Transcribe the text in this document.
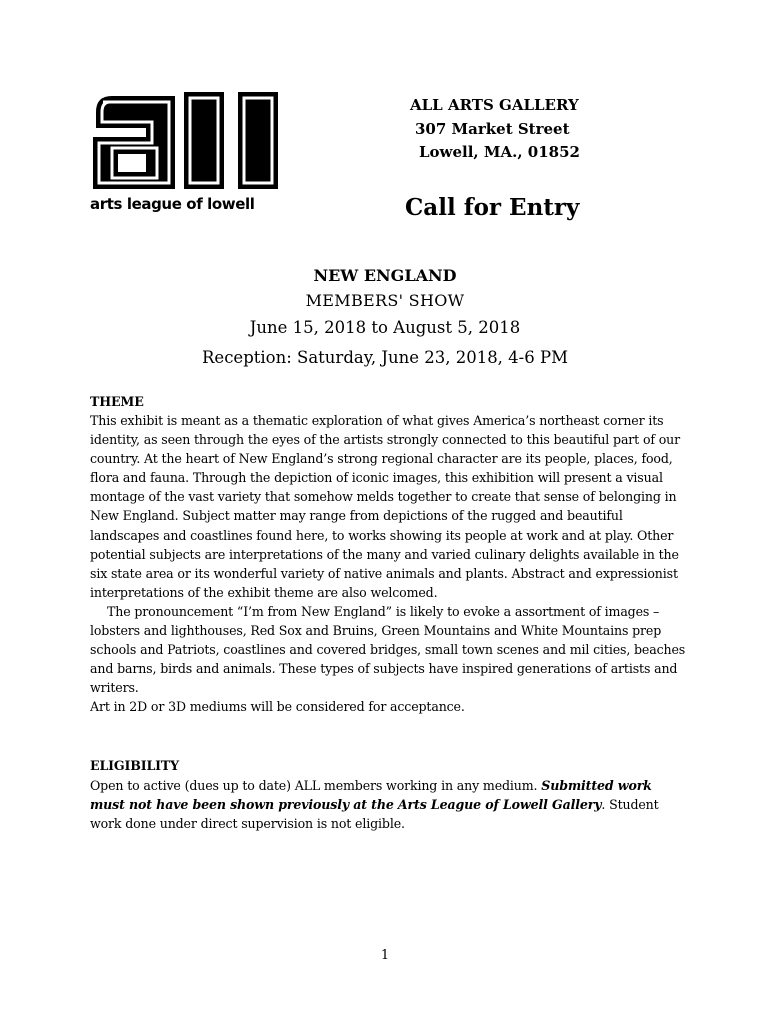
arts league of lowell
ALL ARTS GALLERY
307 Market Street
Lowell, MA., 01852
Call for Entry
NEW ENGLAND
MEMBERS' SHOW
June 15, 2018 to August 5, 2018
Reception: Saturday, June 23, 2018, 4-6 PM
THEME

This exhibit is meant as a thematic exploration of what gives America’s northeast corner its identity, as seen through the eyes of the artists strongly connected to this beautiful part of our country. At the heart of New England’s strong regional character are its people, places, food, flora and fauna. Through the depiction of iconic images, this exhibition will present a visual montage of the vast variety that somehow melds together to create that sense of belonging in New England. Subject matter may range from depictions of the rugged and beautiful landscapes and coastlines found here, to works showing its people at work and at play. Other potential subjects are interpretations of the many and varied culinary delights available in the six state area or its wonderful variety of native animals and plants. Abstract and expressionist interpretations of the exhibit theme are also welcomed.

The pronouncement “I’m from New England” is likely to evoke a assortment of images – lobsters and lighthouses, Red Sox and Bruins, Green Mountains and White Mountains prep schools and Patriots, coastlines and covered bridges, small town scenes and mil cities, beaches and barns, birds and animals. These types of subjects have inspired generations of artists and writers.

Art in 2D or 3D mediums will be considered for acceptance.

ELIGIBILITY
Open to active (dues up to date) ALL members working in any medium. Submitted work must not have been shown previously at the Arts League of Lowell Gallery. Student work done under direct supervision is not eligible.
1
